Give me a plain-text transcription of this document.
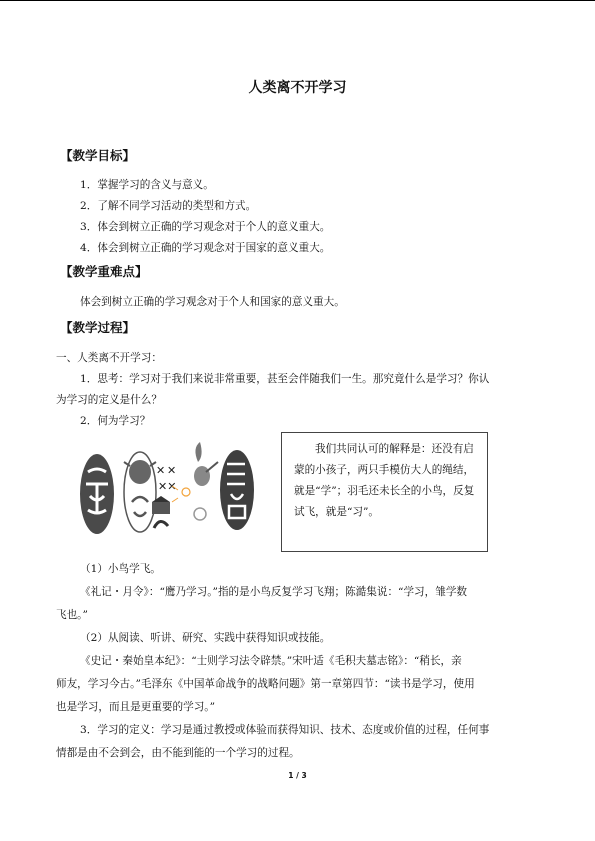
人类离不开学习
【教学目标】
1．掌握学习的含义与意义。
2．了解不同学习活动的类型和方式。
3．体会到树立正确的学习观念对于个人的意义重大。
4．体会到树立正确的学习观念对于国家的意义重大。
【教学重难点】
体会到树立正确的学习观念对于个人和国家的意义重大。
【教学过程】
一、人类离不开学习：
1．思考：学习对于我们来说非常重要，甚至会伴随我们一生。那究竟什么是学习？你认
为学习的定义是什么？
2．何为学习？
✕ ✕
✕✕

我们共同认可的解释是：还没有启蒙的小孩子，两只手模仿大人的绳结，就是“学”；羽毛还未长全的小鸟，反复试飞，就是“习”。

（1）小鸟学飞。
《礼记・月令》：“鹰乃学习。”指的是小鸟反复学习飞翔；陈澔集说：“学习，雏学数
飞也。”
（2）从阅读、听讲、研究、实践中获得知识或技能。
《史记・秦始皇本纪》：“士则学习法令辟禁。”宋叶适《毛积夫墓志铭》：“稍长，亲
师友，学习今古。”毛泽东《中国革命战争的战略问题》第一章第四节：“读书是学习，使用
也是学习，而且是更重要的学习。”
3．学习的定义：学习是通过教授或体验而获得知识、技术、态度或价值的过程，任何事
情都是由不会到会，由不能到能的一个学习的过程。
1 / 3
